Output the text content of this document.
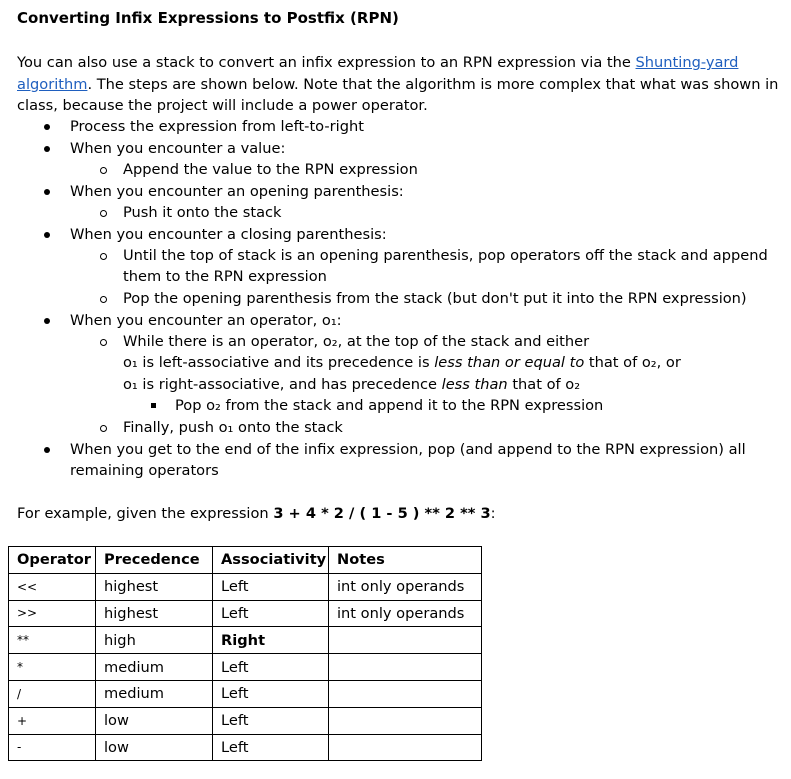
Converting Infix Expressions to Postfix (RPN)
You can also use a stack to convert an infix expression to an RPN expression via the Shunting-yard
algorithm. The steps are shown below. Note that the algorithm is more complex that what was shown in
class, because the project will include a power operator.
Process the expression from left-to-right
When you encounter a value:
Append the value to the RPN expression
When you encounter an opening parenthesis:
Push it onto the stack
When you encounter a closing parenthesis:
Until the top of stack is an opening parenthesis, pop operators off the stack and append
them to the RPN expression
Pop the opening parenthesis from the stack (but don't put it into the RPN expression)
When you encounter an operator, o₁:
While there is an operator, o₂, at the top of the stack and either
o₁ is left-associative and its precedence is less than or equal to that of o₂, or
o₁ is right-associative, and has precedence less than that of o₂
Pop o₂ from the stack and append it to the RPN expression
Finally, push o₁ onto the stack
When you get to the end of the infix expression, pop (and append to the RPN expression) all
remaining operators
For example, given the expression 3 + 4 * 2 / ( 1 - 5 ) ** 2 ** 3:
Operator	Precedence	Associativity	Notes
<<	highest	Left	int only operands
>>	highest	Left	int only operands
**	high	Right	
*	medium	Left	
/	medium	Left	
+	low	Left	
-	low	Left	
